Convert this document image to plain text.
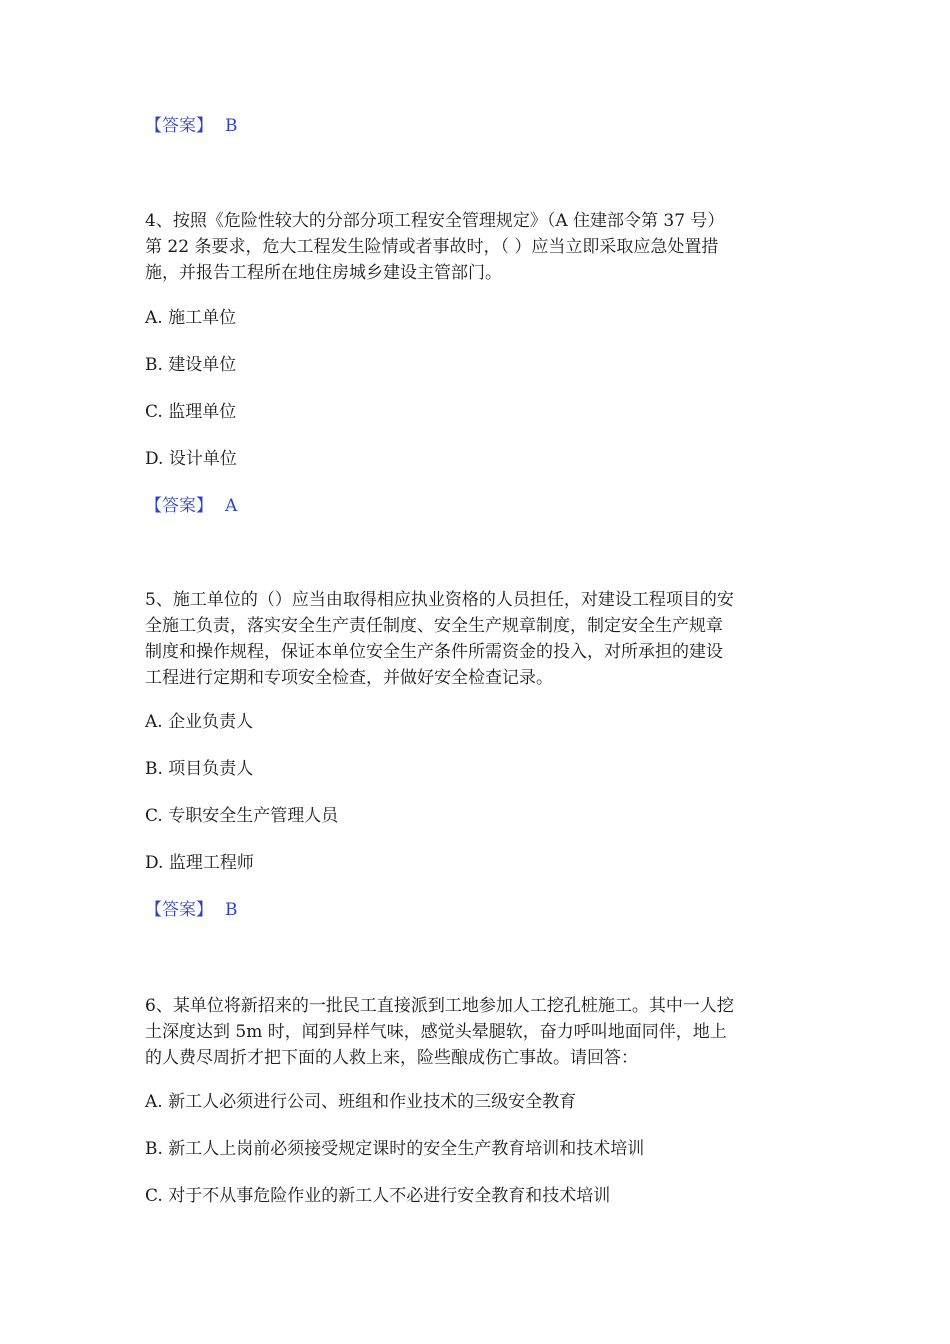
【答案】 B
4、按照《危险性较大的分部分项工程安全管理规定》（A 住建部令第 37 号）
第 22 条要求，危大工程发生险情或者事故时，（ ）应当立即采取应急处置措
施，并报告工程所在地住房城乡建设主管部门。
A. 施工单位
B. 建设单位
C. 监理单位
D. 设计单位
【答案】 A
5、施工单位的（）应当由取得相应执业资格的人员担任，对建设工程项目的安
全施工负责，落实安全生产责任制度、安全生产规章制度，制定安全生产规章
制度和操作规程，保证本单位安全生产条件所需资金的投入，对所承担的建设
工程进行定期和专项安全检查，并做好安全检查记录。
A. 企业负责人
B. 项目负责人
C. 专职安全生产管理人员
D. 监理工程师
【答案】 B
6、某单位将新招来的一批民工直接派到工地参加人工挖孔桩施工。其中一人挖
土深度达到 5m 时，闻到异样气味，感觉头晕腿软，奋力呼叫地面同伴，地上
的人费尽周折才把下面的人救上来，险些酿成伤亡事故。请回答：
A. 新工人必须进行公司、班组和作业技术的三级安全教育
B. 新工人上岗前必须接受规定课时的安全生产教育培训和技术培训
C. 对于不从事危险作业的新工人不必进行安全教育和技术培训
